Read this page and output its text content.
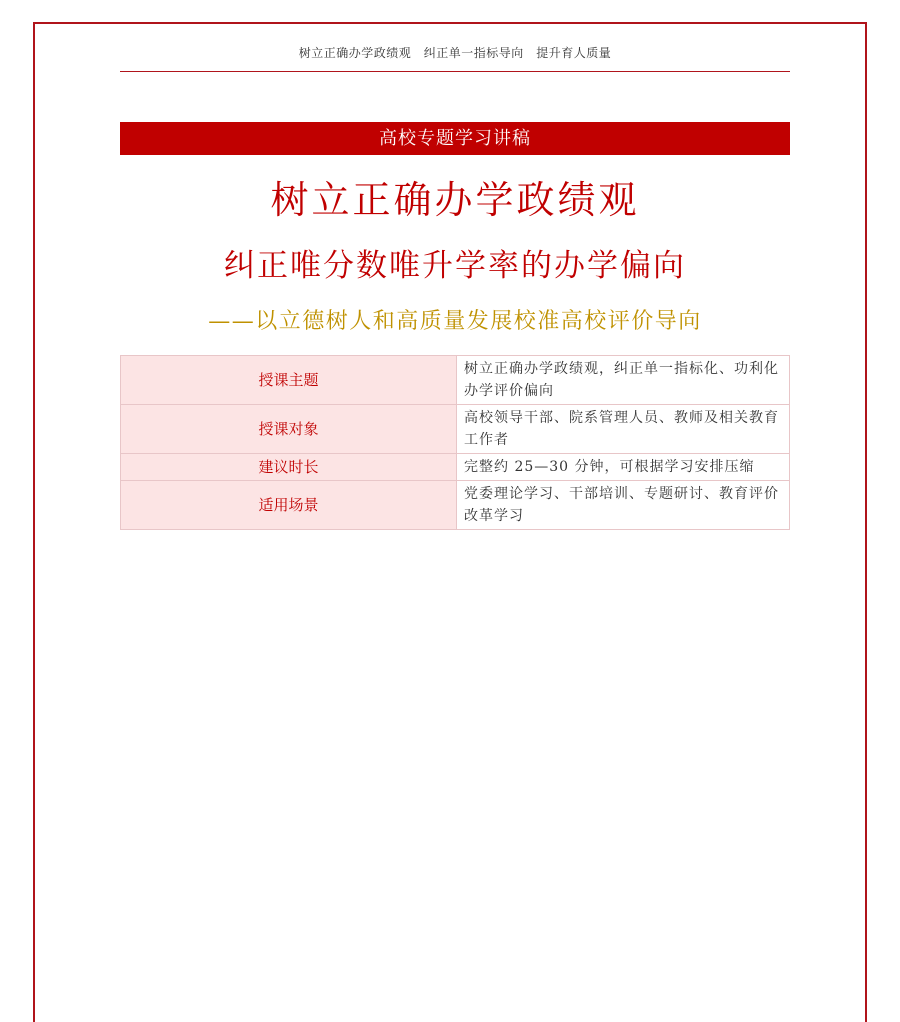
树立正确办学政绩观　纠正单一指标导向　提升育人质量
高校专题学习讲稿
树立正确办学政绩观
纠正唯分数唯升学率的办学偏向
——以立德树人和高质量发展校准高校评价导向
授课主题	树立正确办学政绩观，纠正单一指标化、功利化办学评价偏向
授课对象	高校领导干部、院系管理人员、教师及相关教育工作者
建议时长	完整约 25—30 分钟，可根据学习安排压缩
适用场景	党委理论学习、干部培训、专题研讨、教育评价改革学习
